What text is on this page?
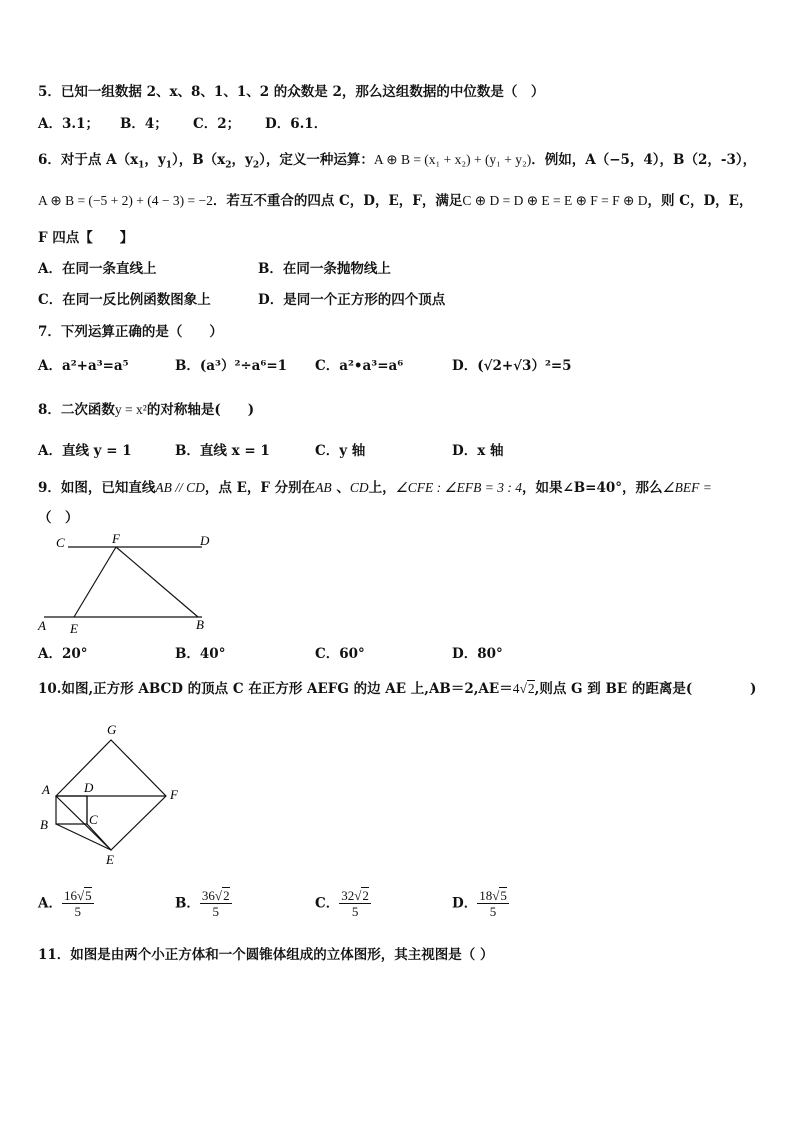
5．已知一组数据 2、x、8、1、1、2 的众数是 2，那么这组数据的中位数是（　）
A．3.1； B．4； C．2； D．6.1．
6．对于点 $A(x_1$，$y_1$），$B(x_2$，$y_2$），定义一种运算：A ⊕ B = (x₁ + x₂) + (y₁ + y₂)．例如，A（−5，4），B（2，-3），
A ⊕ B = (−5 + 2) + (4 − 3) = −2．若互不重合的四点 C，D，E，F，满足C ⊕ D = D ⊕ E = E ⊕ F = F ⊕ D，则 C，D，E，
F 四点【　　】
A．在同一条直线上	B．在同一条抛物线上
C．在同一反比例函数图象上	D．是同一个正方形的四个顶点
7．下列运算正确的是（　　）
A．a²+a³=a⁵	B．(a³）²÷a⁶=1 C．a²•a³=a⁶	D．(√2+√3）²=5
8．二次函数y = x²的对称轴是(　　)
A．直线 y = 1	B．直线 x = 1	C．y 轴	D．x 轴
9．如图，已知直线AB // CD，点 E，F 分别在AB 、CD上，∠CFE : ∠EFB = 3 : 4，如果∠B=40°，那么∠BEF =
（　）
C	F	D
A E	B
A．20°	B．40°	C．60°	D．80°
10.如图,正方形 ABCD 的顶点 C 在正方形 AEFG 的边 AE 上,AB＝2,AE＝4√2,则点 G 到 BE 的距离是(	)
G
A	D	F
B	C
E
A． $\frac{16√5}{5}$	B． $\frac{36√2}{5}$	C． $\frac{32√2}{5}$	D． $\frac{18√5}{5}$
11．如图是由两个小正方体和一个圆锥体组成的立体图形，其主视图是（ ）
